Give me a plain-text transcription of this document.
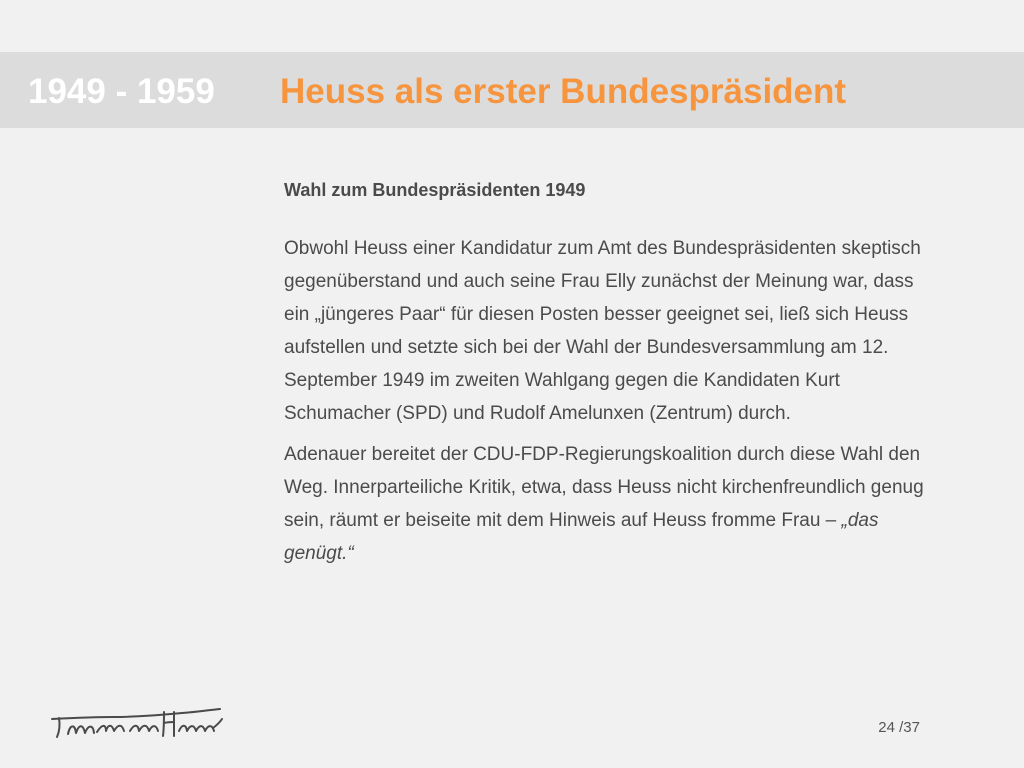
1949 - 1959 Heuss als erster Bundespräsident
Wahl zum Bundespräsidenten 1949

Obwohl Heuss einer Kandidatur zum Amt des Bundespräsidenten skeptisch gegenüberstand und auch seine Frau Elly zunächst der Meinung war, dass ein „jüngeres Paar“ für diesen Posten besser geeignet sei, ließ sich Heuss aufstellen und setzte sich bei der Wahl der Bundesversammlung am 12. September 1949 im zweiten Wahlgang gegen die Kandidaten Kurt Schumacher (SPD) und Rudolf Amelunxen (Zentrum) durch.

Adenauer bereitet der CDU-FDP-Regierungskoalition durch diese Wahl den Weg. Innerparteiliche Kritik, etwa, dass Heuss nicht kirchenfreundlich genug sein, räumt er beiseite mit dem Hinweis auf Heuss fromme Frau – „das genügt.“

24 /37
